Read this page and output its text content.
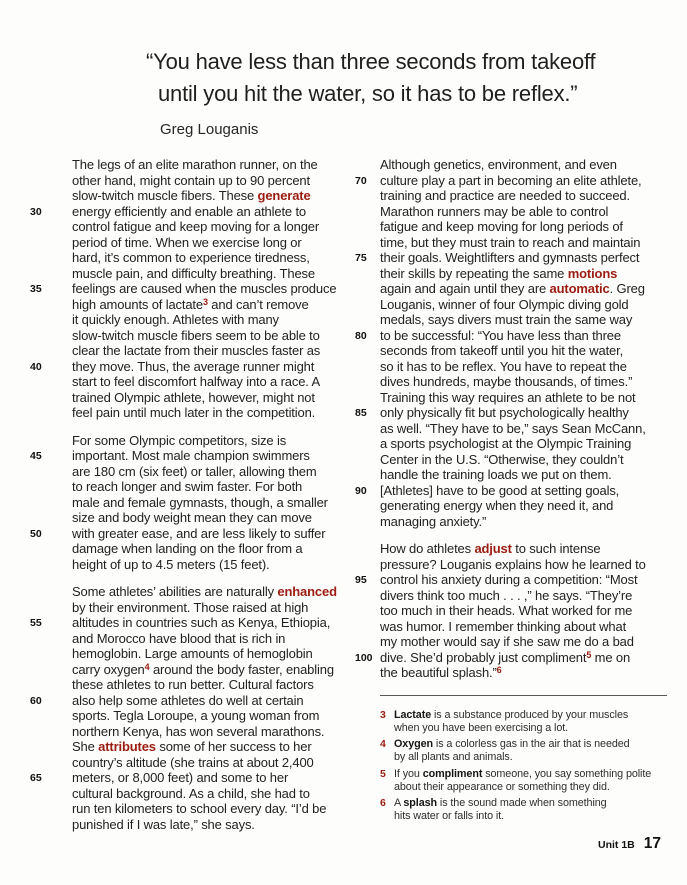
“You have less than three seconds from takeoff
until you hit the water, so it has to be reflex.”
Greg Louganis
The legs of an elite marathon runner, on the
other hand, might contain up to 90 percent
slow-twitch muscle fibers. These generate
30 energy efficiently and enable an athlete to
control fatigue and keep moving for a longer
period of time. When we exercise long or
hard, it’s common to experience tiredness,
muscle pain, and difficulty breathing. These
35 feelings are caused when the muscles produce
high amounts of lactate$^3$ and can’t remove
it quickly enough. Athletes with many
slow-twitch muscle fibers seem to be able to
clear the lactate from their muscles faster as
40 they move. Thus, the average runner might
start to feel discomfort halfway into a race. A
trained Olympic athlete, however, might not
feel pain until much later in the competition.
For some Olympic competitors, size is
45 important. Most male champion swimmers
are 180 cm (six feet) or taller, allowing them
to reach longer and swim faster. For both
male and female gymnasts, though, a smaller
size and body weight mean they can move
50 with greater ease, and are less likely to suffer
damage when landing on the floor from a
height of up to 4.5 meters (15 feet).
Some athletes’ abilities are naturally enhanced
by their environment. Those raised at high
55 altitudes in countries such as Kenya, Ethiopia,
and Morocco have blood that is rich in
hemoglobin. Large amounts of hemoglobin
carry oxygen$^4$ around the body faster, enabling
these athletes to run better. Cultural factors
60 also help some athletes do well at certain
sports. Tegla Loroupe, a young woman from
northern Kenya, has won several marathons.
She attributes some of her success to her
country’s altitude (she trains at about 2,400
65 meters, or 8,000 feet) and some to her
cultural background. As a child, she had to
run ten kilometers to school every day. “I’d be
punished if I was late,” she says.
Although genetics, environment, and even
70 culture play a part in becoming an elite athlete,
training and practice are needed to succeed.
Marathon runners may be able to control
fatigue and keep moving for long periods of
time, but they must train to reach and maintain
75 their goals. Weightlifters and gymnasts perfect
their skills by repeating the same motions
again and again until they are automatic. Greg
Louganis, winner of four Olympic diving gold
medals, says divers must train the same way
80 to be successful: “You have less than three
seconds from takeoff until you hit the water,
so it has to be reflex. You have to repeat the
dives hundreds, maybe thousands, of times.”
Training this way requires an athlete to be not
85 only physically fit but psychologically healthy
as well. “They have to be,” says Sean McCann,
a sports psychologist at the Olympic Training
Center in the U.S. “Otherwise, they couldn’t
handle the training loads we put on them.
90 [Athletes] have to be good at setting goals,
generating energy when they need it, and
managing anxiety.”
How do athletes adjust to such intense
pressure? Louganis explains how he learned to
95 control his anxiety during a competition: “Most
divers think too much . . . ,” he says. “They’re
too much in their heads. What worked for me
was humor. I remember thinking about what
my mother would say if she saw me do a bad
100 dive. She’d probably just compliment$^5$ me on
the beautiful splash.”$^6$
3 Lactate is a substance produced by your muscles
when you have been exercising a lot.
4 Oxygen is a colorless gas in the air that is needed
by all plants and animals.
5 If you compliment someone, you say something polite
about their appearance or something they did.
6 A splash is the sound made when something
hits water or falls into it.
Unit 1B 17
